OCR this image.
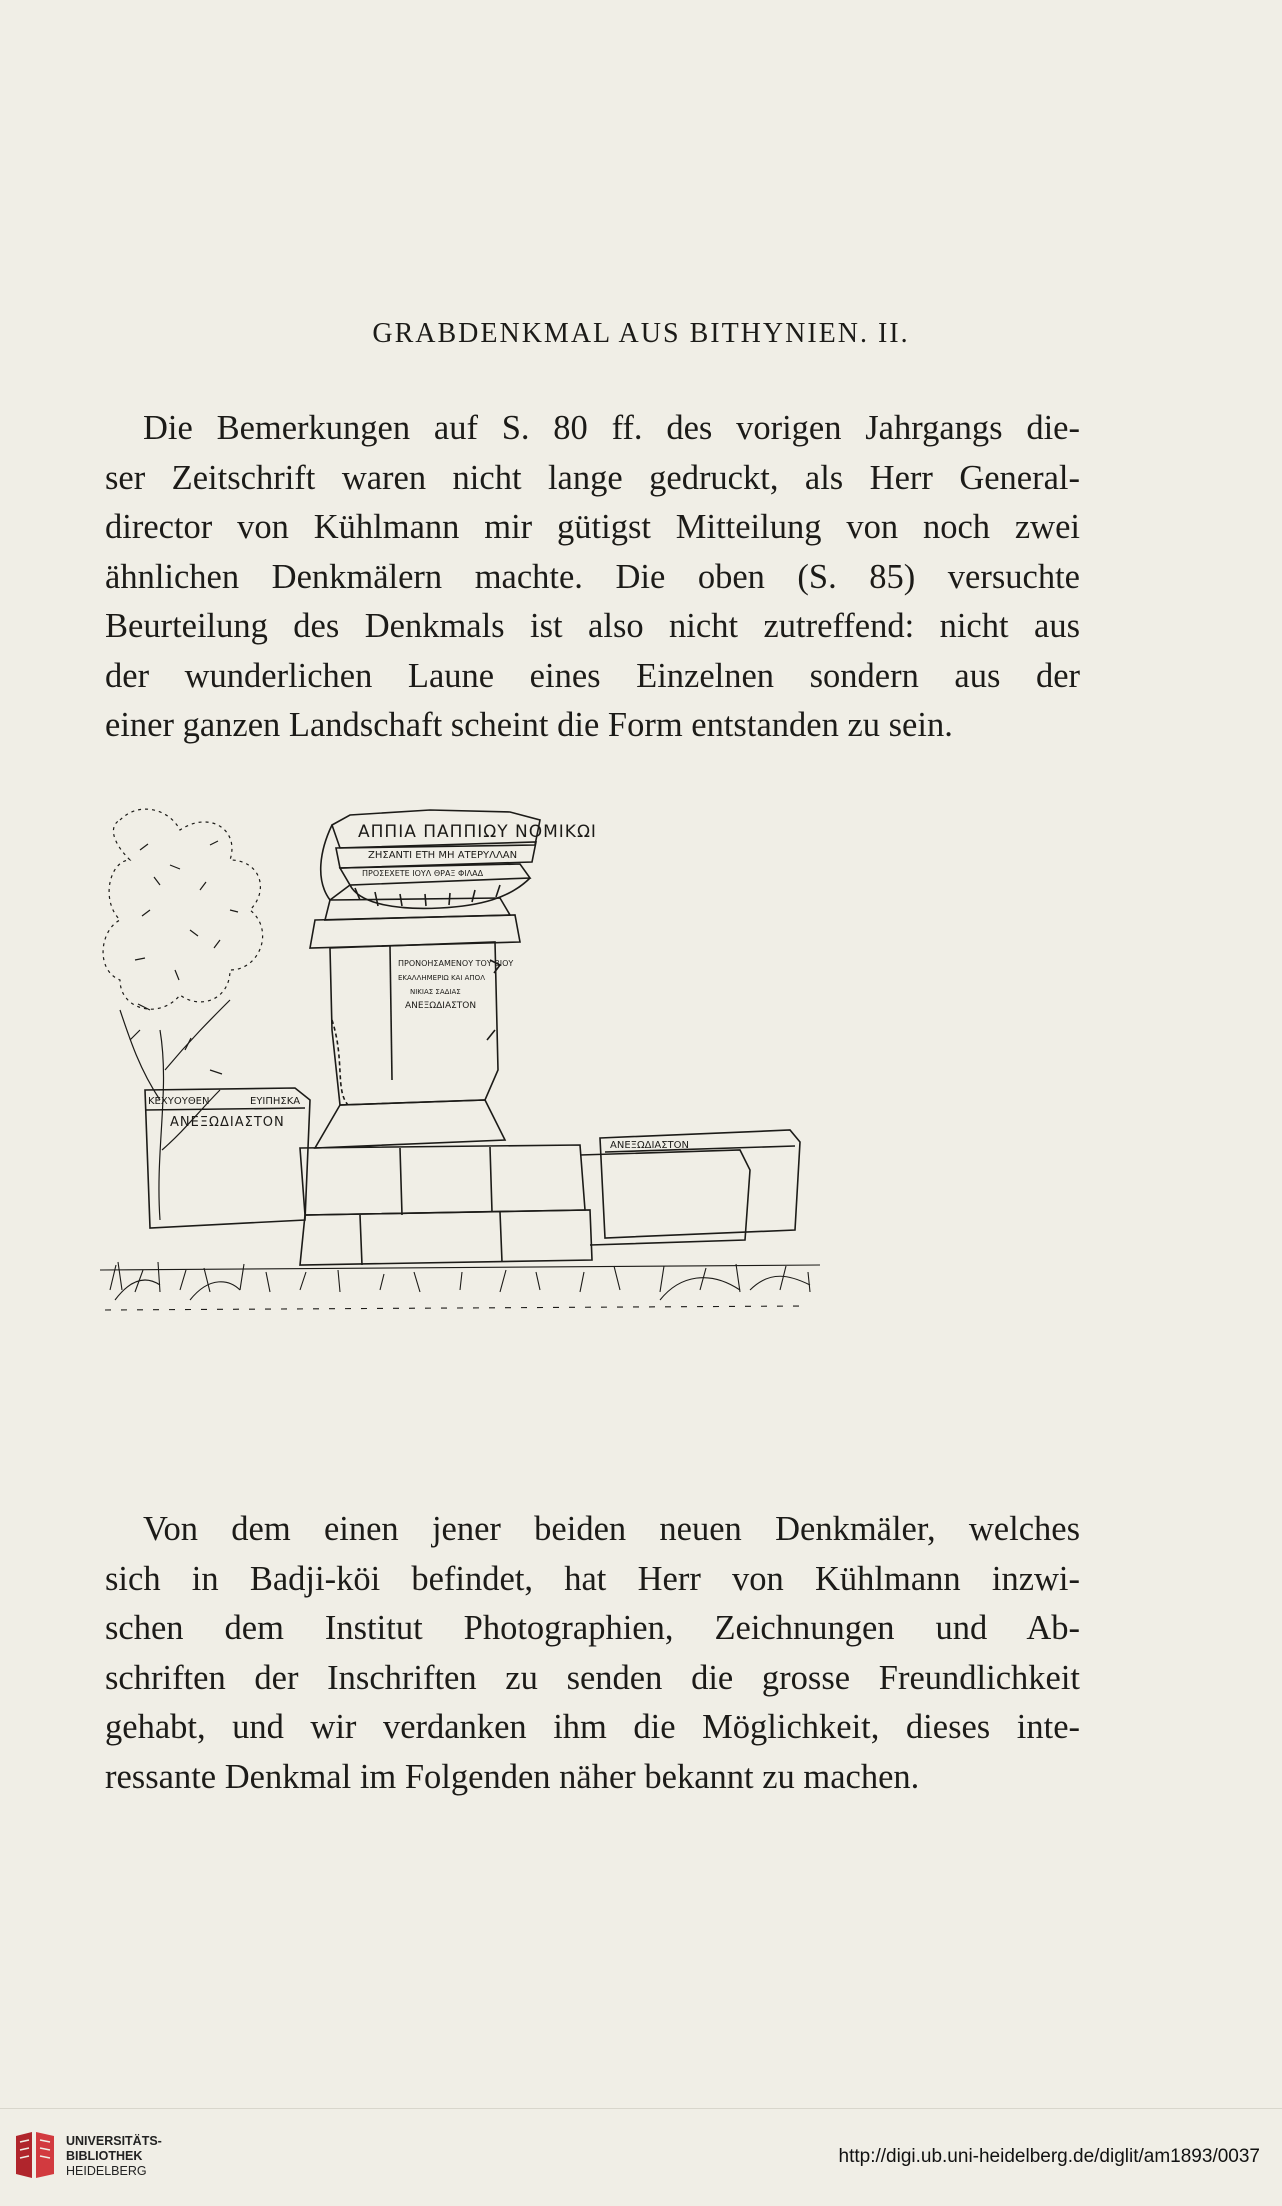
GRABDENKMAL AUS BITHYNIEN. II.
Die Bemerkungen auf S. 80 ff. des vorigen Jahrgangs die-
ser Zeitschrift waren nicht lange gedruckt, als Herr General-
director von Kühlmann mir gütigst Mitteilung von noch zwei
ähnlichen Denkmälern machte. Die oben (S. 85) versuchte
Beurteilung des Denkmals ist also nicht zutreffend: nicht aus
der wunderlichen Laune eines Einzelnen sondern aus der
einer ganzen Landschaft scheint die Form entstanden zu sein.
ΑΠΠΙΑ ΠΑΠΠΙΩΥ ΝΟΜΙΚΩΙ
ΖΗΣΑΝΤΙ ΕΤΗ ΜΗ ΑΤΕΡΥΛΛΑΝ
ΠΡΟΣΕΧΕΤΕ ΙΟΥΛ ΘΡΑΞ ΦΙΛΑΔ
ΠΡΟΝΟΗΣΑΜΕΝΟΥ ΤΟΥ ΒΙΟΥ
ΕΚΑΛΛΗΜΕΡΙΩ ΚΑΙ ΑΠΟΛ
ΝΙΚΙΑΣ ΣΑΔΙΑΣ
ΑΝΕΞΩΔΙΑΣΤΟΝ
ΚΕΧΥΟΥΘΕΝ	ΕΥΙΠΗΣΚΑ
ΑΝΕΞΩΔΙΑΣΤΟΝ
ΑΝΕΞΩΔΙΑΣΤΟΝ
Von dem einen jener beiden neuen Denkmäler, welches
sich in Badji-köi befindet, hat Herr von Kühlmann inzwi-
schen dem Institut Photographien, Zeichnungen und Ab-
schriften der Inschriften zu senden die grosse Freundlichkeit
gehabt, und wir verdanken ihm die Möglichkeit, dieses inte-
ressante Denkmal im Folgenden näher bekannt zu machen.
UNIVERSITÄTS-
BIBLIOTHEK
HEIDELBERG
http://digi.ub.uni-heidelberg.de/diglit/am1893/0037
